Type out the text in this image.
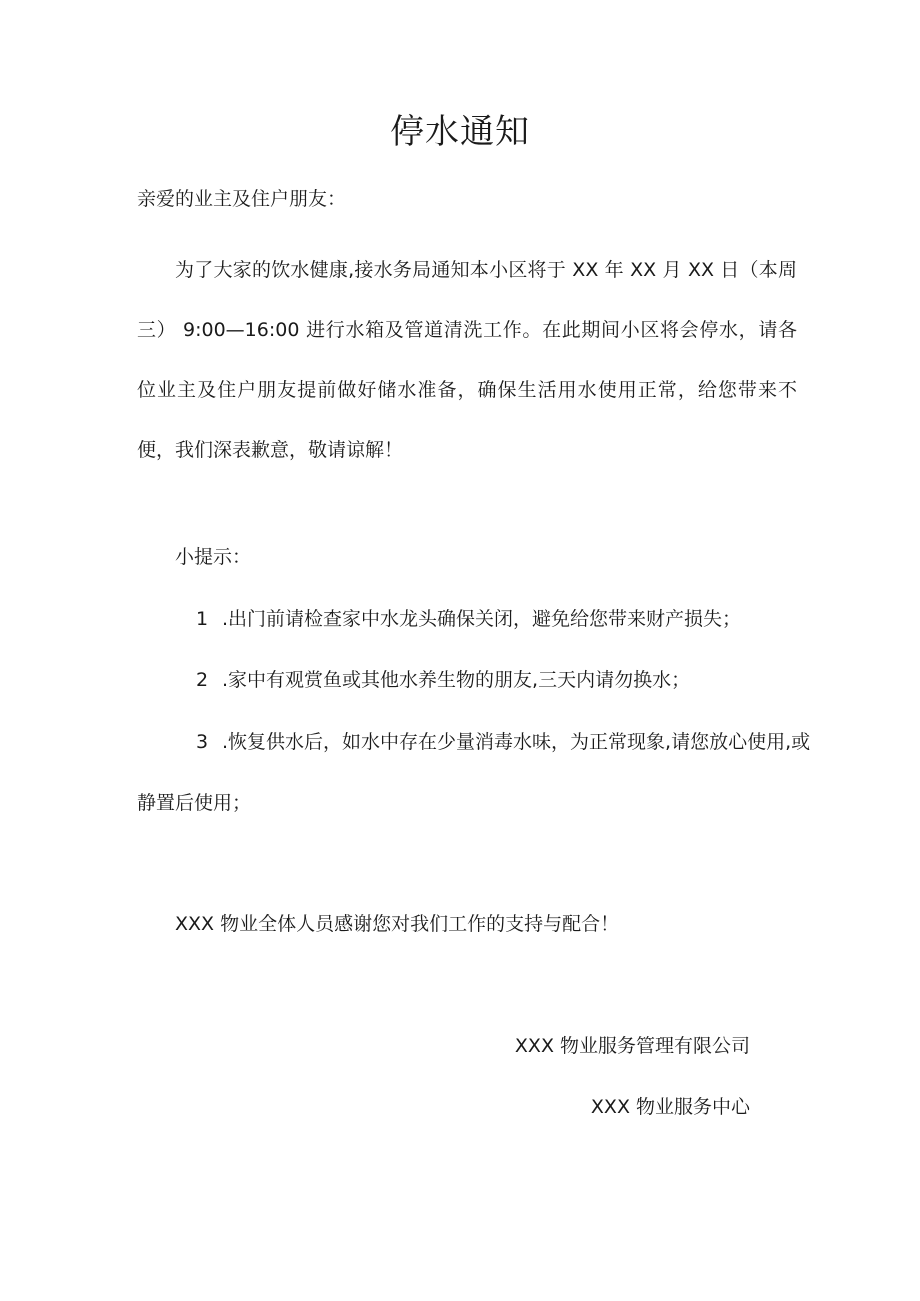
停水通知
亲爱的业主及住户朋友：
为了大家的饮水健康,接水务局通知本小区将于 XX 年 XX 月 XX 日（本周三） 9:00—16:00 进行水箱及管道清洗工作。在此期间小区将会停水，请各位业主及住户朋友提前做好储水准备，确保生活用水使用正常，给您带来不便，我们深表歉意，敬请谅解！
小提示：
1 .出门前请检查家中水龙头确保关闭，避免给您带来财产损失；
2 .家中有观赏鱼或其他水养生物的朋友,三天内请勿换水；
3 .恢复供水后，如水中存在少量消毒水味，为正常现象,请您放心使用,或
静置后使用；
XXX 物业全体人员感谢您对我们工作的支持与配合！
XXX 物业服务管理有限公司
XXX 物业服务中心
